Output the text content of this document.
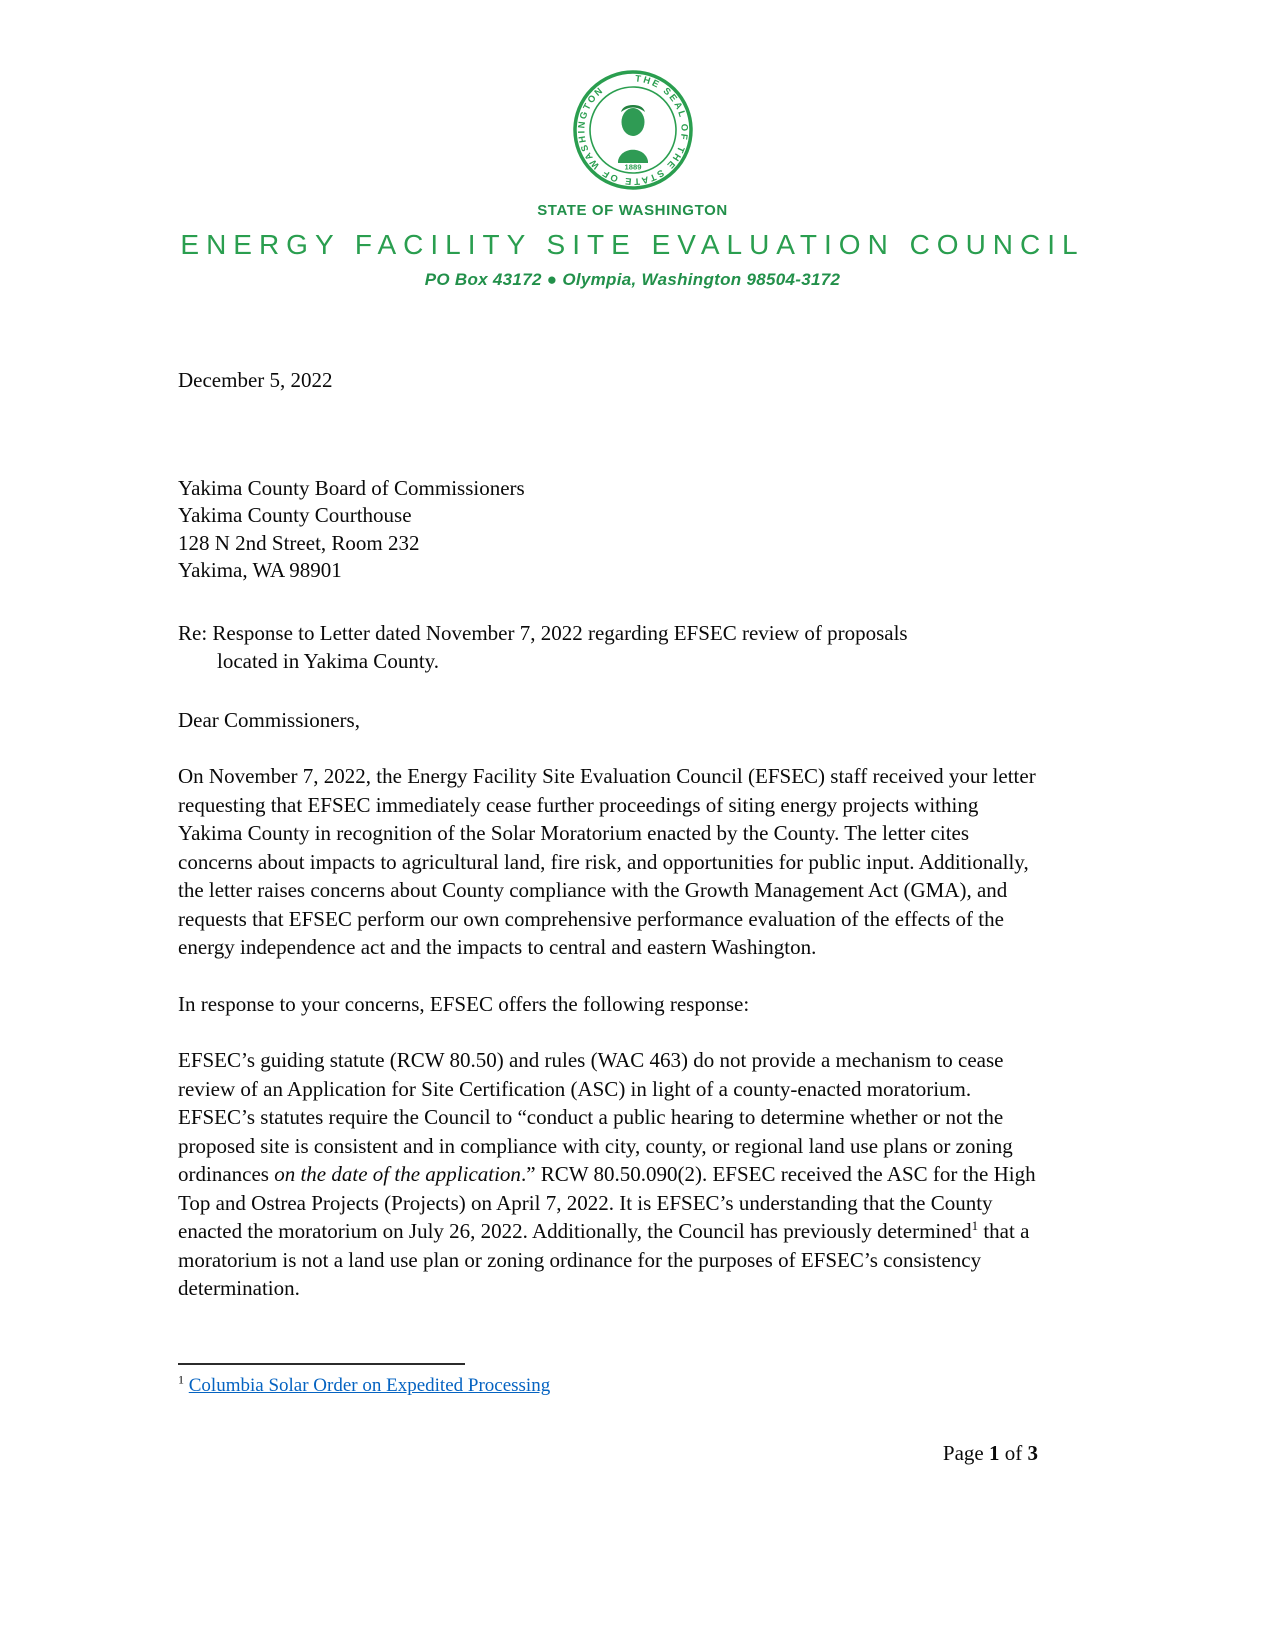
THE SEAL OF THE STATE OF WASHINGTON
1889
STATE OF WASHINGTON
ENERGY FACILITY SITE EVALUATION COUNCIL
PO Box 43172 ● Olympia, Washington 98504-3172
December 5, 2022
Yakima County Board of Commissioners
Yakima County Courthouse
128 N 2nd Street, Room 232
Yakima, WA 98901
Re: Response to Letter dated November 7, 2022 regarding EFSEC review of proposals
located in Yakima County.
Dear Commissioners,

On November 7, 2022, the Energy Facility Site Evaluation Council (EFSEC) staff received your letter requesting that EFSEC immediately cease further proceedings of siting energy projects withing Yakima County in recognition of the Solar Moratorium enacted by the County. The letter cites concerns about impacts to agricultural land, fire risk, and opportunities for public input. Additionally, the letter raises concerns about County compliance with the Growth Management Act (GMA), and requests that EFSEC perform our own comprehensive performance evaluation of the effects of the energy independence act and the impacts to central and eastern Washington.

In response to your concerns, EFSEC offers the following response:

EFSEC’s guiding statute (RCW 80.50) and rules (WAC 463) do not provide a mechanism to cease review of an Application for Site Certification (ASC) in light of a county-enacted moratorium. EFSEC’s statutes require the Council to “conduct a public hearing to determine whether or not the proposed site is consistent and in compliance with city, county, or regional land use plans or zoning ordinances on the date of the application.” RCW 80.50.090(2). EFSEC received the ASC for the High Top and Ostrea Projects (Projects) on April 7, 2022. It is EFSEC’s understanding that the County enacted the moratorium on July 26, 2022. Additionally, the Council has previously determined$^1$ that a moratorium is not a land use plan or zoning ordinance for the purposes of EFSEC’s consistency determination.

$^1$ Columbia Solar Order on Expedited Processing
Page 1 of 3
